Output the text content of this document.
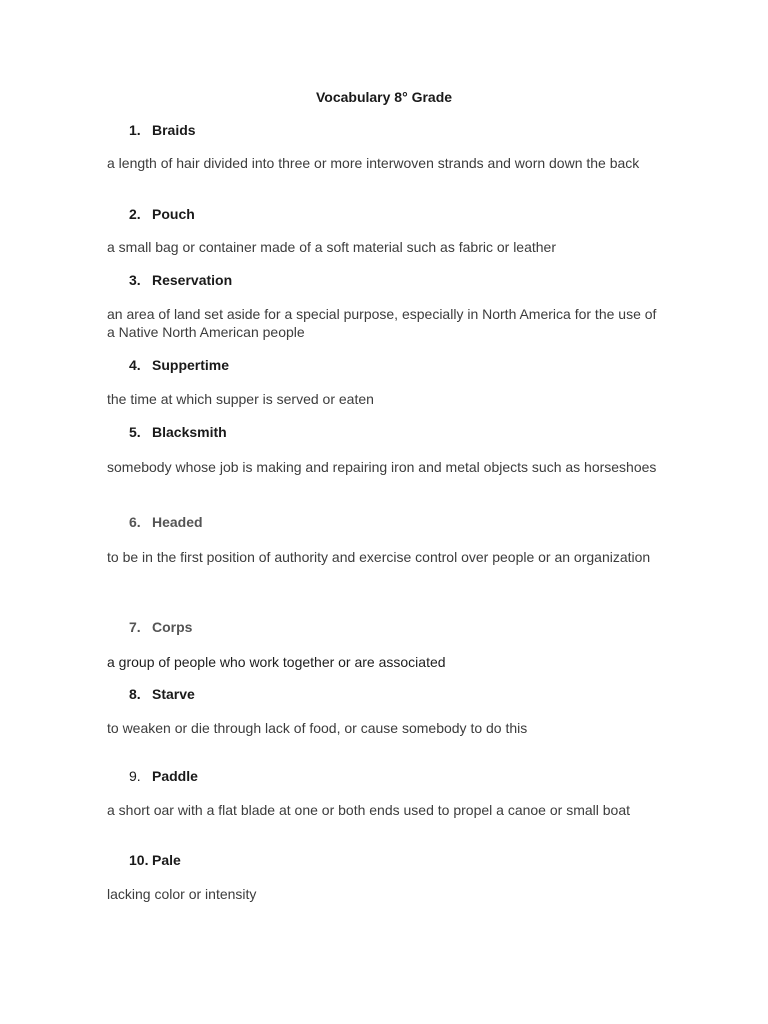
Vocabulary 8° Grade
1. Braids
a length of hair divided into three or more interwoven strands and worn down the back
2. Pouch
a small bag or container made of a soft material such as fabric or leather
3. Reservation
an area of land set aside for a special purpose, especially in North America for the use of a Native North American people
4. Suppertime
the time at which supper is served or eaten
5. Blacksmith
somebody whose job is making and repairing iron and metal objects such as horseshoes
6. Headed
to be in the first position of authority and exercise control over people or an organization
7. Corps
a group of people who work together or are associated
8. Starve
to weaken or die through lack of food, or cause somebody to do this
9. Paddle
a short oar with a flat blade at one or both ends used to propel a canoe or small boat
10. Pale
lacking color or intensity
